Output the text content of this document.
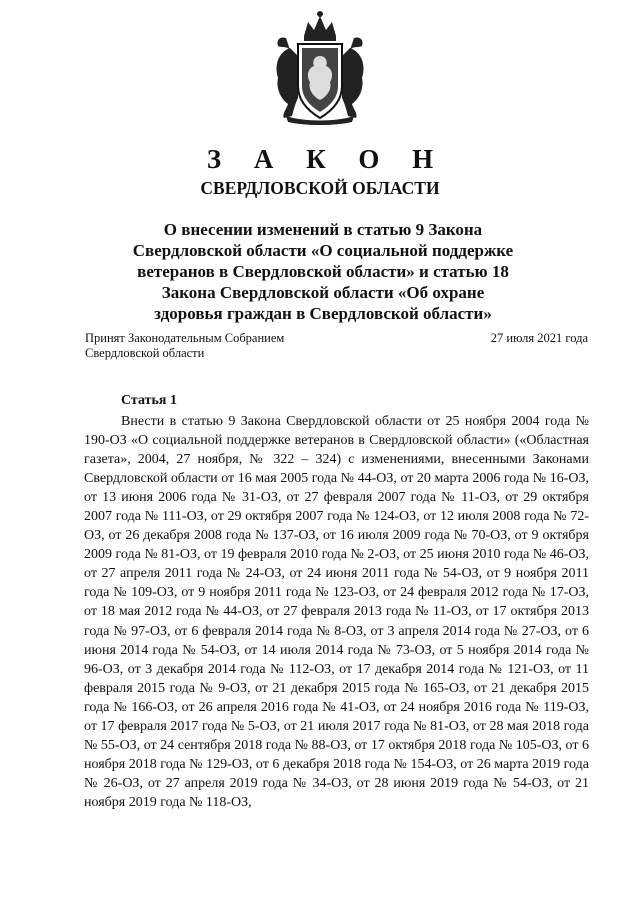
З А К О Н
СВЕРДЛОВСКОЙ ОБЛАСТИ
О внесении изменений в статью 9 Закона
Свердловской области «О социальной поддержке
ветеранов в Свердловской области» и статью 18
Закона Свердловской области «Об охране
здоровья граждан в Свердловской области»
Принят Законодательным Собранием
Свердловской области
27 июля 2021 года
Статья 1

Внести в статью 9 Закона Свердловской области от 25 ноября 2004 года № 190-ОЗ «О социальной поддержке ветеранов в Свердловской области» («Областная газета», 2004, 27 ноября, № 322 – 324) с изменениями, внесенными Законами Свердловской области от 16 мая 2005 года № 44-ОЗ, от 20 марта 2006 года № 16-ОЗ, от 13 июня 2006 года № 31-ОЗ, от 27 февраля 2007 года № 11-ОЗ, от 29 октября 2007 года № 111-ОЗ, от 29 октября 2007 года № 124-ОЗ, от 12 июля 2008 года № 72-ОЗ, от 26 декабря 2008 года № 137-ОЗ, от 16 июля 2009 года № 70-ОЗ, от 9 октября 2009 года № 81-ОЗ, от 19 февраля 2010 года № 2-ОЗ, от 25 июня 2010 года № 46-ОЗ, от 27 апреля 2011 года № 24-ОЗ, от 24 июня 2011 года № 54-ОЗ, от 9 ноября 2011 года № 109-ОЗ, от 9 ноября 2011 года № 123-ОЗ, от 24 февраля 2012 года № 17-ОЗ, от 18 мая 2012 года № 44-ОЗ, от 27 февраля 2013 года № 11-ОЗ, от 17 октября 2013 года № 97-ОЗ, от 6 февраля 2014 года № 8-ОЗ, от 3 апреля 2014 года № 27-ОЗ, от 6 июня 2014 года № 54-ОЗ, от 14 июля 2014 года № 73-ОЗ, от 5 ноября 2014 года № 96-ОЗ, от 3 декабря 2014 года № 112-ОЗ, от 17 декабря 2014 года № 121-ОЗ, от 11 февраля 2015 года № 9-ОЗ, от 21 декабря 2015 года № 165-ОЗ, от 21 декабря 2015 года № 166-ОЗ, от 26 апреля 2016 года № 41-ОЗ, от 24 ноября 2016 года № 119-ОЗ, от 17 февраля 2017 года № 5-ОЗ, от 21 июля 2017 года № 81-ОЗ, от 28 мая 2018 года № 55-ОЗ, от 24 сентября 2018 года № 88-ОЗ, от 17 октября 2018 года № 105-ОЗ, от 6 ноября 2018 года № 129-ОЗ, от 6 декабря 2018 года № 154-ОЗ, от 26 марта 2019 года № 26-ОЗ, от 27 апреля 2019 года № 34-ОЗ, от 28 июня 2019 года № 54-ОЗ, от 21 ноября 2019 года № 118-ОЗ,
